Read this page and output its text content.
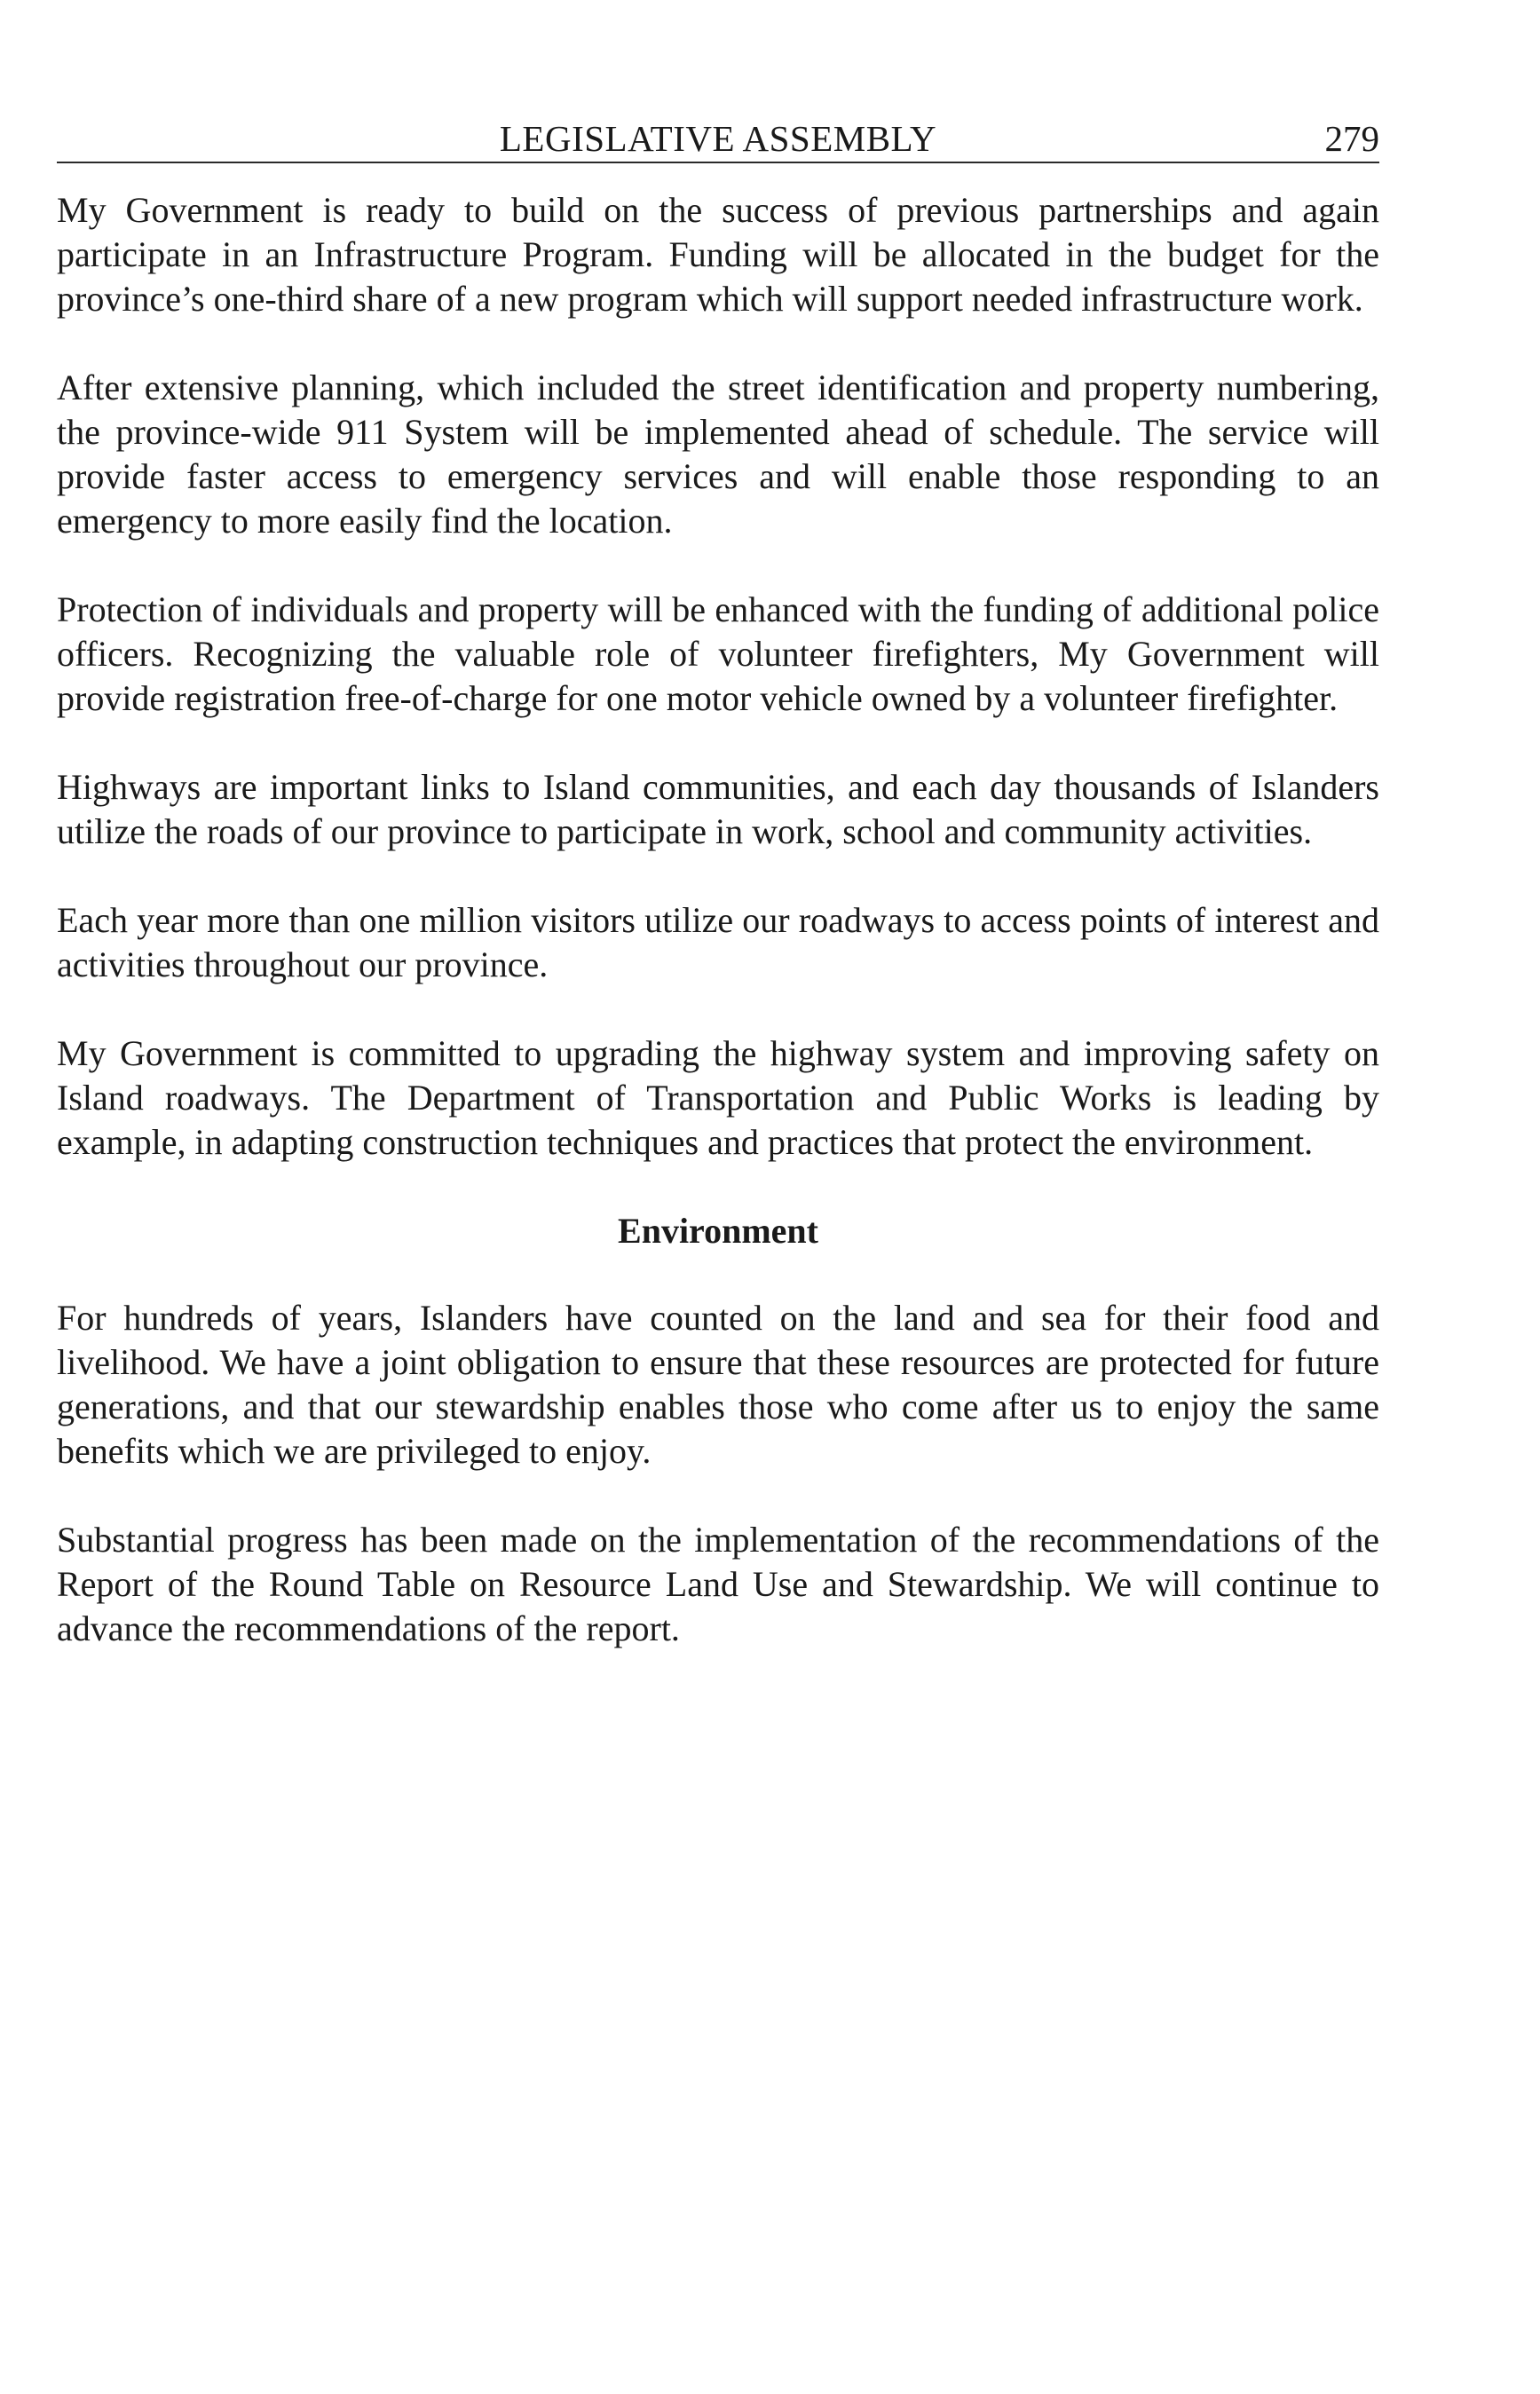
LEGISLATIVE ASSEMBLY	279

My Government is ready to build on the success of previous partnerships and again participate in an Infrastructure Program. Funding will be allocated in the budget for the province’s one-third share of a new program which will support needed infrastructure work.

After extensive planning, which included the street identification and property numbering, the province-wide 911 System will be implemented ahead of schedule. The service will provide faster access to emergency services and will enable those responding to an emergency to more easily find the location.

Protection of individuals and property will be enhanced with the funding of additional police officers. Recognizing the valuable role of volunteer firefighters, My Government will provide registration free-of-charge for one motor vehicle owned by a volunteer firefighter.

Highways are important links to Island communities, and each day thousands of Islanders utilize the roads of our province to participate in work, school and community activities.

Each year more than one million visitors utilize our roadways to access points of interest and activities throughout our province.

My Government is committed to upgrading the highway system and improving safety on Island roadways. The Department of Transportation and Public Works is leading by example, in adapting construction techniques and practices that protect the environment.

Environment

For hundreds of years, Islanders have counted on the land and sea for their food and livelihood. We have a joint obligation to ensure that these resources are protected for future generations, and that our stewardship enables those who come after us to enjoy the same benefits which we are privileged to enjoy.

Substantial progress has been made on the implementation of the recommendations of the Report of the Round Table on Resource Land Use and Stewardship. We will continue to advance the recommendations of the report.
